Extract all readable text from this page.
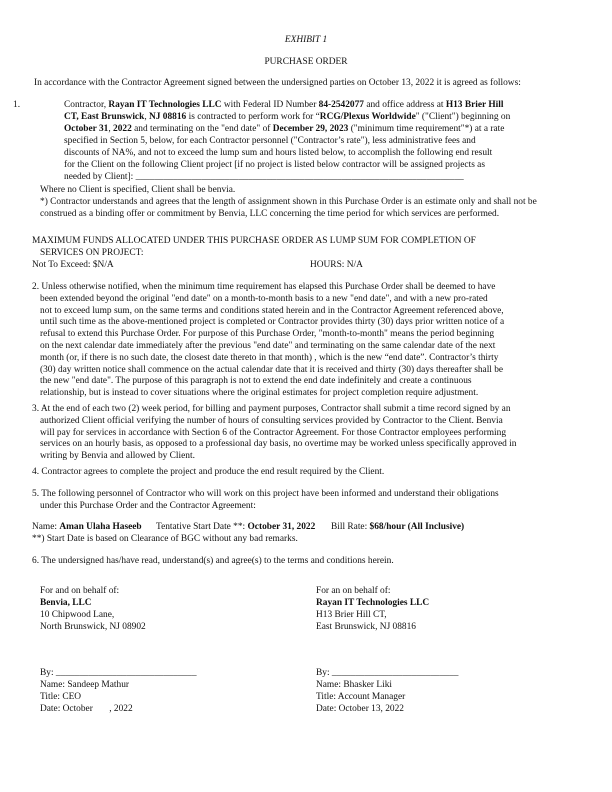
EXHIBIT 1
PURCHASE ORDER
In accordance with the Contractor Agreement signed between the undersigned parties on October 13, 2022 it is agreed as follows:
1.	Contractor, Rayan IT Technologies LLC with Federal ID Number 84-2542077 and office address at H13 Brier Hill
CT, East Brunswick, NJ 08816 is contracted to perform work for “RCG/Plexus Worldwide" ("Client") beginning on
October 31, 2022 and terminating on the "end date" of December 29, 2023 ("minimum time requirement"*) at a rate
specified in Section 5, below, for each Contractor personnel ("Contractor’s rate"), less administrative fees and
discounts of NA%, and not to exceed the lump sum and hours listed below, to accomplish the following end result
for the Client on the following Client project [if no project is listed below contractor will be assigned projects as
needed by Client]: ______________________________________________________________________
Where no Client is specified, Client shall be benvia.
*) Contractor understands and agrees that the length of assignment shown in this Purchase Order is an estimate only and shall not be
construed as a binding offer or commitment by Benvia, LLC concerning the time period for which services are performed.
MAXIMUM FUNDS ALLOCATED UNDER THIS PURCHASE ORDER AS LUMP SUM FOR COMPLETION OF
SERVICES ON PROJECT:
Not To Exceed: $N/A	HOURS: N/A
2. Unless otherwise notified, when the minimum time requirement has elapsed this Purchase Order shall be deemed to have
been extended beyond the original "end date" on a month-to-month basis to a new "end date", and with a new pro-rated
not to exceed lump sum, on the same terms and conditions stated herein and in the Contractor Agreement referenced above,
until such time as the above-mentioned project is completed or Contractor provides thirty (30) days prior written notice of a
refusal to extend this Purchase Order. For purpose of this Purchase Order, "month-to-month" means the period beginning
on the next calendar date immediately after the previous "end date" and terminating on the same calendar date of the next
month (or, if there is no such date, the closest date thereto in that month) , which is the new “end date”. Contractor’s thirty
(30) day written notice shall commence on the actual calendar date that it is received and thirty (30) days thereafter shall be
the new "end date". The purpose of this paragraph is not to extend the end date indefinitely and create a continuous
relationship, but is instead to cover situations where the original estimates for project completion require adjustment.
3. At the end of each two (2) week period, for billing and payment purposes, Contractor shall submit a time record signed by an
authorized Client official verifying the number of hours of consulting services provided by Contractor to the Client. Benvia
will pay for services in accordance with Section 6 of the Contractor Agreement. For those Contractor employees performing
services on an hourly basis, as opposed to a professional day basis, no overtime may be worked unless specifically approved in
writing by Benvia and allowed by Client.
4. Contractor agrees to complete the project and produce the end result required by the Client.
5. The following personnel of Contractor who will work on this project have been informed and understand their obligations
under this Purchase Order and the Contractor Agreement:
Name: Aman Ulaha Haseeb Tentative Start Date **: October 31, 2022 Bill Rate: $68/hour (All Inclusive)
**) Start Date is based on Clearance of BGC without any bad remarks.
6. The undersigned has/have read, understand(s) and agree(s) to the terms and conditions herein.
For and on behalf of:
Benvia, LLC
10 Chipwood Lane,
North Brunswick, NJ 08902
By: ______________________________
Name: Sandeep Mathur
Title: CEO
Date: October       , 2022
For an on behalf of:
Rayan IT Technologies LLC
H13 Brier Hill CT,
East Brunswick, NJ 08816
By: ___________________________
Name: Bhasker Liki
Title: Account Manager
Date: October 13, 2022
